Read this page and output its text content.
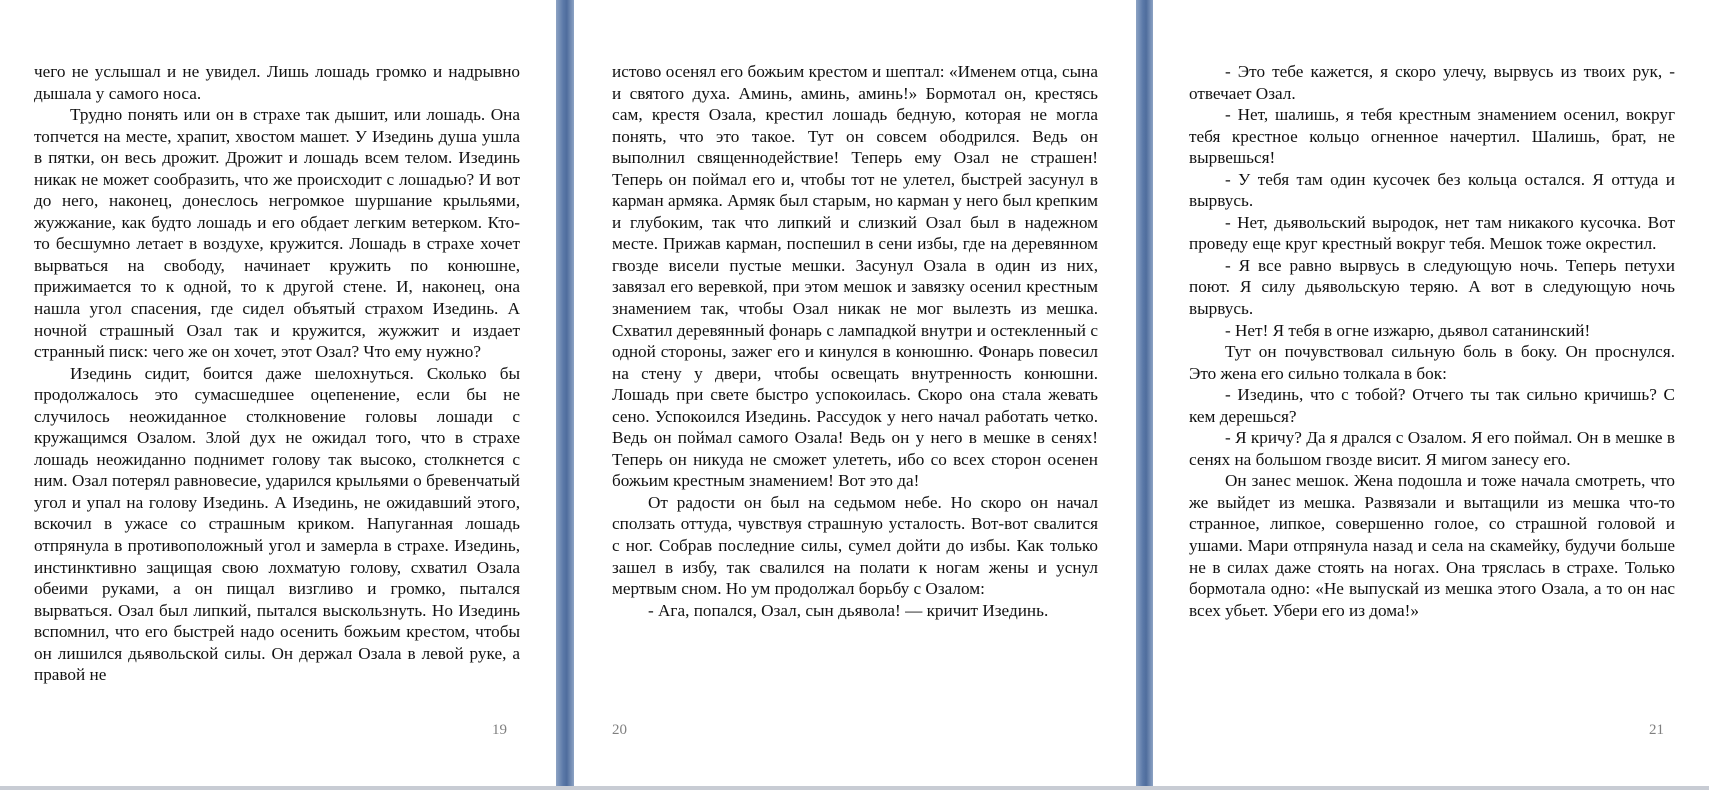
чего не услышал и не увидел. Лишь лошадь громко и надрывно дышала у самого носа.

Трудно понять или он в страхе так дышит, или лошадь. Она топчется на месте, храпит, хвостом машет. У Изединь душа ушла в пятки, он весь дрожит. Дрожит и лошадь всем телом. Изединь никак не может сообразить, что же происходит с лошадью? И вот до него, наконец, донеслось негромкое шуршание крыльями, жужжание, как будто лошадь и его обдает легким ветерком. Кто-то бесшумно летает в воздухе, кружится. Лошадь в страхе хочет вырваться на свободу, начинает кружить по конюшне, прижимается то к одной, то к другой стене. И, наконец, она нашла угол спасения, где сидел объятый страхом Изединь. А ночной страшный Озал так и кружится, жужжит и издает странный писк: чего же он хочет, этот Озал? Что ему нужно?

Изединь сидит, боится даже шелохнуться. Сколько бы продолжалось это сумасшедшее оцепенение, если бы не случилось неожиданное столкновение головы лошади с кружащимся Озалом. Злой дух не ожидал того, что в страхе лошадь неожиданно поднимет голову так высоко, столкнется с ним. Озал потерял равновесие, ударился крыльями о бревенчатый угол и упал на голову Изединь. А Изединь, не ожидавший этого, вскочил в ужасе со страшным криком. Напуганная лошадь отпрянула в противоположный угол и замерла в страхе. Изединь, инстинктивно защищая свою лохматую голову, схватил Озала обеими руками, а он пищал визгливо и громко, пытался вырваться. Озал был липкий, пытался выскользнуть. Но Изединь вспомнил, что его быстрей надо осенить божьим крестом, чтобы он лишился дьявольской силы. Он держал Озала в левой руке, а правой не

19

истово осенял его божьим крестом и шептал: «Именем отца, сына и святого духа. Аминь, аминь, аминь!» Бормотал он, крестясь сам, крестя Озала, крестил лошадь бедную, которая не могла понять, что это такое. Тут он совсем ободрился. Ведь он выполнил священнодействие! Теперь ему Озал не страшен! Теперь он поймал его и, чтобы тот не улетел, быстрей засунул в карман армяка. Армяк был старым, но карман у него был крепким и глубоким, так что липкий и слизкий Озал был в надежном месте. Прижав карман, поспешил в сени избы, где на деревянном гвозде висели пустые мешки. Засунул Озала в один из них, завязал его веревкой, при этом мешок и завязку осенил крестным знамением так, чтобы Озал никак не мог вылезть из мешка. Схватил деревянный фонарь с лампадкой внутри и остекленный с одной стороны, зажег его и кинулся в конюшню. Фонарь повесил на стену у двери, чтобы освещать внутренность конюшни. Лошадь при свете быстро успокоилась. Скоро она стала жевать сено. Успокоился Изединь. Рассудок у него начал работать четко. Ведь он поймал самого Озала! Ведь он у него в мешке в сенях! Теперь он никуда не сможет улететь, ибо со всех сторон осенен божьим крестным знамением! Вот это да!

От радости он был на седьмом небе. Но скоро он начал сползать оттуда, чувствуя страшную усталость. Вот-вот свалится с ног. Собрав последние силы, сумел дойти до избы. Как только зашел в избу, так свалился на полати к ногам жены и уснул мертвым сном. Но ум продолжал борьбу с Озалом:

- Ага, попался, Озал, сын дьявола! — кричит Изединь.

20

- Это тебе кажется, я скоро улечу, вырвусь из твоих рук, - отвечает Озал.

- Нет, шалишь, я тебя крестным знамением осенил, вокруг тебя крестное кольцо огненное начертил. Шалишь, брат, не вырвешься!

- У тебя там один кусочек без кольца остался. Я оттуда и вырвусь.

- Нет, дьявольский выродок, нет там никакого кусочка. Вот проведу еще круг крестный вокруг тебя. Мешок тоже окрестил.

- Я все равно вырвусь в следующую ночь. Теперь петухи поют. Я силу дьявольскую теряю. А вот в следующую ночь вырвусь.

- Нет! Я тебя в огне изжарю, дьявол сатанинский!

Тут он почувствовал сильную боль в боку. Он проснулся. Это жена его сильно толкала в бок:

- Изединь, что с тобой? Отчего ты так сильно кричишь? С кем дерешься?

- Я кричу? Да я дрался с Озалом. Я его поймал. Он в мешке в сенях на большом гвозде висит. Я мигом занесу его.

Он занес мешок. Жена подошла и тоже начала смотреть, что же выйдет из мешка. Развязали и вытащили из мешка что-то странное, липкое, совершенно голое, со страшной головой и ушами. Мари отпрянула назад и села на скамейку, будучи больше не в силах даже стоять на ногах. Она тряслась в страхе. Только бормотала одно: «Не выпускай из мешка этого Озала, а то он нас всех убьет. Убери его из дома!»

21
